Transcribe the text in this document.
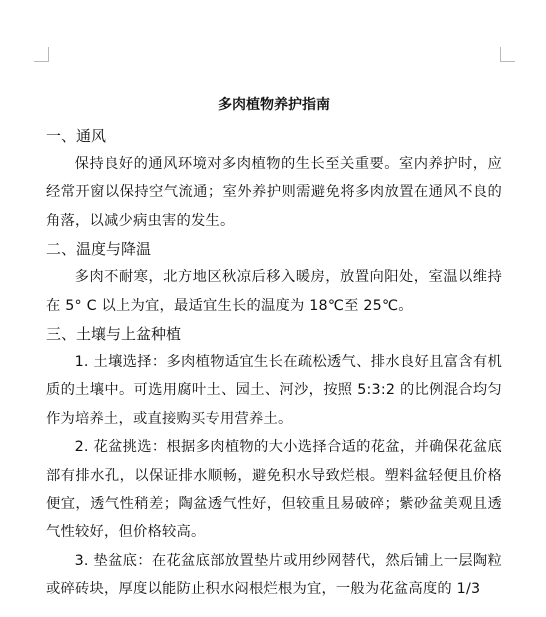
多肉植物养护指南
一、通风

保持良好的通风环境对多肉植物的生长至关重要。室内养护时，应经常开窗以保持空气流通；室外养护则需避免将多肉放置在通风不良的角落，以减少病虫害的发生。

二、温度与降温

多肉不耐寒，北方地区秋凉后移入暖房，放置向阳处，室温以维持在 5° C 以上为宜，最适宜生长的温度为 18℃至 25℃。

三、土壤与上盆种植

1. 土壤选择：多肉植物适宜生长在疏松透气、排水良好且富含有机质的土壤中。可选用腐叶土、园土、河沙，按照 5:3:2 的比例混合均匀作为培养土，或直接购买专用营养土。

2. 花盆挑选：根据多肉植物的大小选择合适的花盆，并确保花盆底部有排水孔，以保证排水顺畅，避免积水导致烂根。塑料盆轻便且价格便宜，透气性稍差；陶盆透气性好，但较重且易破碎；紫砂盆美观且透气性较好，但价格较高。

3. 垫盆底：在花盆底部放置垫片或用纱网替代，然后铺上一层陶粒或碎砖块，厚度以能防止积水闷根烂根为宜，一般为花盆高度的 1/3
